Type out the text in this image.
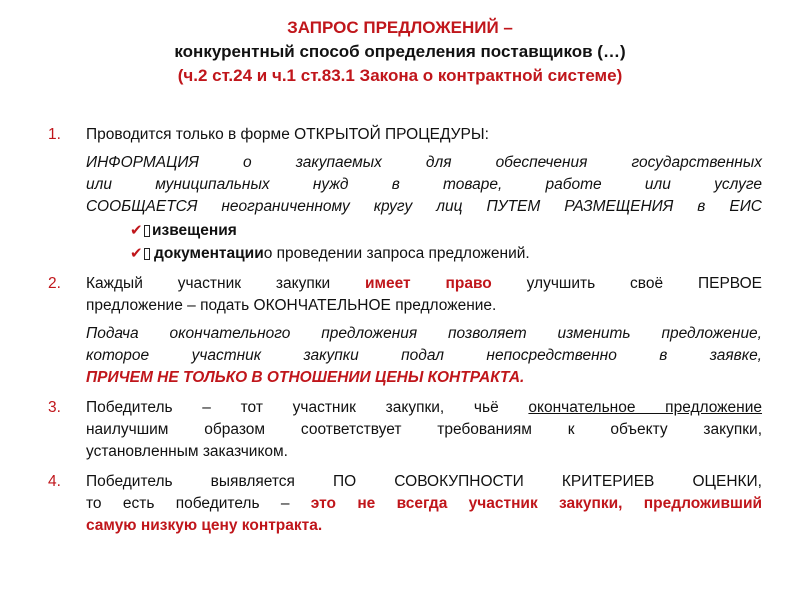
ЗАПРОС ПРЕДЛОЖЕНИЙ –

конкурентный способ определения поставщиков (…)

(ч.2 ст.24 и ч.1 ст.83.1 Закона о контрактной системе)

1. Проводится только в форме ОТКРЫТОЙ ПРОЦЕДУРЫ:
ИНФОРМАЦИЯ о закупаемых для обеспечения государственных
или муниципальных нужд в товаре, работе или услуге
СООБЩАЕТСЯ неограниченному кругу лиц ПУТЕМ РАЗМЕЩЕНИЯ в ЕИС
✔ извещения
✔ документации о проведении запроса предложений.
2. Каждый участник закупки имеет право улучшить своё ПЕРВОЕ
предложение – подать ОКОНЧАТЕЛЬНОЕ предложение.
Подача окончательного предложения позволяет изменить предложение,
которое участник закупки подал непосредственно в заявке,
ПРИЧЕМ НЕ ТОЛЬКО В ОТНОШЕНИИ ЦЕНЫ КОНТРАКТА.
3. Победитель – тот участник закупки, чьё окончательное предложение
наилучшим образом соответствует требованиям к объекту закупки,
установленным заказчиком.
4. Победитель выявляется ПО СОВОКУПНОСТИ КРИТЕРИЕВ ОЦЕНКИ,
то есть победитель – это не всегда участник закупки, предложивший
самую низкую цену контракта.
